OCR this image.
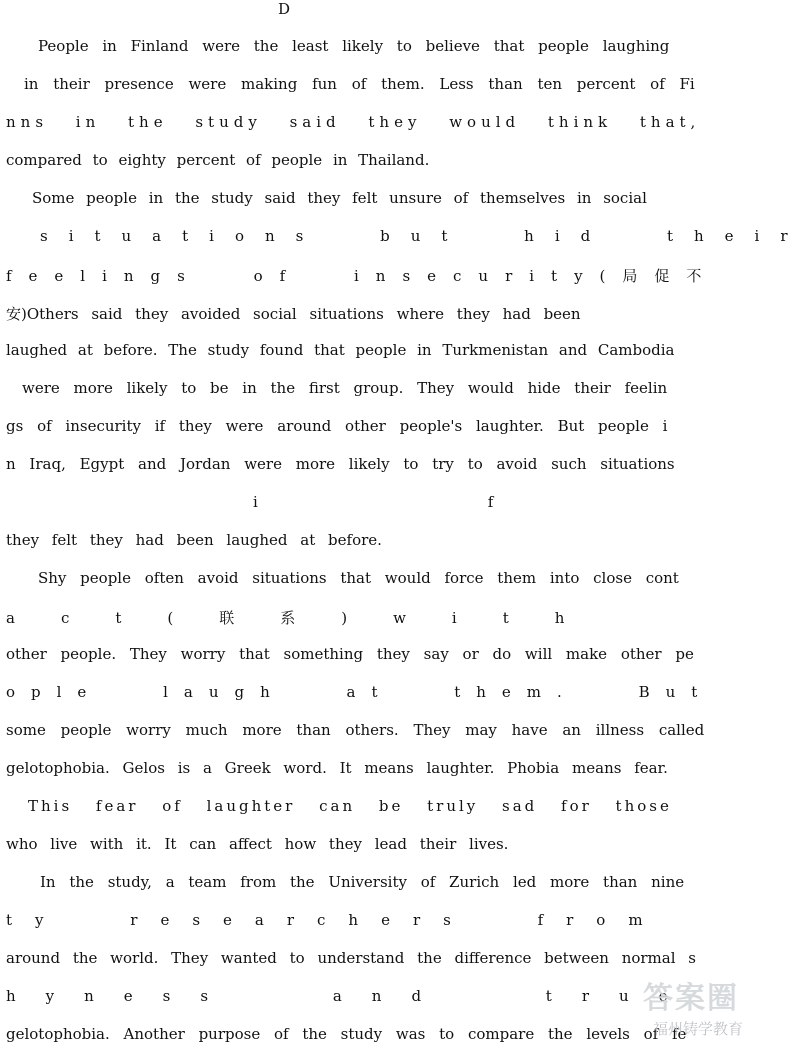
D
People in Finland were the least likely to believe that people laughing
in their presence were making fun of them. Less than ten percent of Fi
nns in the study said they would think that,
compared to eighty percent of people in Thailand.
Some people in the study said they felt unsure of themselves in social
situations but hid their
feelings of insecurity(局促不
安)Others said they avoided social situations where they had been
laughed at before. The study found that people in Turkmenistan and Cambodia
were more likely to be in the first group. They would hide their feelin
gs of insecurity if they were around other people's laughter. But people i
n Iraq, Egypt and Jordan were more likely to try to avoid such situations
if
they felt they had been laughed at before.
Shy people often avoid situations that would force them into close cont
act(联系)with
other people. They worry that something they say or do will make other pe
ople laugh at them. But
some people worry much more than others. They may have an illness called
gelotophobia. Gelos is a Greek word. It means laughter. Phobia means fear.
This fear of laughter can be truly sad for those
who live with it. It can affect how they lead their lives.
In the study, a team from the University of Zurich led more than nine
ty researchers from
around the world. They wanted to understand the difference between normal s
hyness and true
gelotophobia. Another purpose of the study was to compare the levels of fe
答案圈
福州铸学教育
